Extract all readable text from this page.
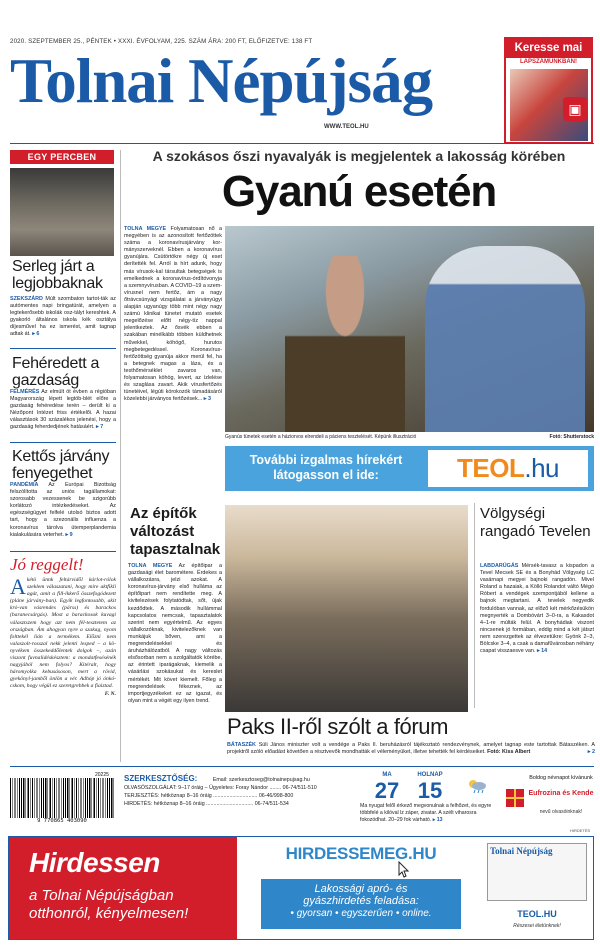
2020. SZEPTEMBER 25., PÉNTEK • XXXI. ÉVFOLYAM, 225. SZÁM ÁRA: 200 FT, ELŐFIZETVE: 138 FT
Tolnai Népújság
WWW.TEOL.HU
Keresse mai
LAPSZÁMUNKBAN!
▣
EGY PERCBEN
Serleg járt a legjobbaknak
SZEKSZÁRD Múlt szombaton tartot-ták az autómentes napi bringatúrát, amelyen a legtekerősebb iskolák osz-tályt kereshtek. A gyakorló általános iskola kék osztálya díjesművel ha ez ismerést, amit tagnap adtak át. ▸ 6
Fehéredett a gazdaság
FELMÉRÉS Az elmúlt öt évben a régióban Magyarország lépett legtöb-blét előre a gazdaság fehéredése terén – derült ki a Nézőpont Intézet friss értékelői. A hazai választások 30 százalékos jelenési, hogy a gazdaság feherdedjének hatásáért. ▸ 7
Kettős járvány fenyegethet
PANDÉMIA Az Európai Bizottság felszólította az uniós tagállamokat: szorosabb vezessenek be szigorúbb korlátozó intézkedéseket. Az egészségügyet felfelé utolsó biztos adott tart, hogy a szezonális influenza a koronavírus tárolva ütemperplandemia kialakulására veterhet. ▸ 9
Jó reggelt!
Akétö ünnk feltárvidől kárlot-rólok szeklem válaszatani, hogy mire aktfikli agát, amit a fill-ikkerő összefogódezett (pláne járvány-ban). Egyik legfontosabb, akit kró-van vásrendes (párss) és barackos (baranecsárgás). Most a barackosok kuvagi választszem hogy azt nem fél-tesztetem az országban. Ám ahogyan nyre a szakag, nyom folttekél lián a termékem. Előzni nem valaszolt-rosszal nekk jelenti lesped – a kö-nyvékem összekeddőlentek dolgok –, azán viszont fuvnalidéskésztem: a mondatfesésénék nagyjából nem folyos? Kitéralt, hogy háromyolka kebusásoson, mert a rövid, gyekönyl-jamből önlön a vér. Adhóp jó ónkó-cskom, hogy végül ez szeretgrebbek a fiaiztad.
F. N.
A szokásos őszi nyavalyák is megjelentek a lakosság körében
Gyanú esetén
TOLNA MEGYE Folyamatosan nő a megyében is az azonosított fertőzöttek száma a koronavírusjárvány kor-mányszerveknél. Ebben a koronavírus gyanújára. Csütörtökre négy új eset derítették fel. Arról is hírt adunk, hogy más vírusok-kal társultak betegségek is emelkednek a koronavírus-órdítóvonyja a szemnyvírusban. A COVID–19 a szem-vírusnel nem fertőz, ám a nagy őtrávcsúnyági vizsgálatai a járványügyi alapján ugyanúgy több mint négy nagy számú klinikai tünetet mutató esetek megelőzése előtt négy-tíz nappal jelentkeztek. Az ősvék ebben a szakában minélkább többen küldhetnek művekkel, köhögő, hurutos megbetegedéssel. Koronavírus-fertőzöttség gyanúja akkor merül fel, ha a betegnek magas a láza, és a testhőmérséklet zavaros van, folyamatosan köhög, levert, az ízlelése és szaglása zavart. Akik vírusfertőzés tünetéivel, légúti kórokozók támadásáról közelebbi járványos fertőzések... ▸ 3
Gyanús tünetek esetén a háziorvos elrendeli a páciens tesztelését. Képünk illusztráció	Fotó: Shutterstock
További izgalmas hírekért látogasson el ide:	TEOL.hu
Az építők változást tapasztalnak
TOLNA MEGYE Az építőipar a gazdasági élet barométere. Érdekes a vállalkozásra, jelzi azokat. A koronavírus-járvány első hulláma az építőipart nem rendítette meg. A kivitelezések folytatódtak, sőt, újak kezdődtek. A második hullámmal kapcsolatos nemcsak, tapasztalatok szerint nem egyértelmű. Az egyes vállalkozóknak, kivitelezőknek van munkájuk bőven, ami a megrendelésekkel és áruházhálózatból. A nagy változás elsősorban nem a szolgáltatók körébe, az érintett iparágaknak, kiemelik a vásárlási szokásukat és kereslet mértékét. Mit követ kiemelt. Főleg a megrendelések fékeznek, az importjegyzékeket ez az igazat, és olyan mint a végét egy ilyen trend.
Paks II-ről szólt a fórum
BÁTASZÉK Süli János miniszter volt a vendége a Paks II. beruházásról tájékoztató rendezvénynek, amelyet tagnap este tartottak Bátaszéken. A projektről szóló előadást követően a résztvevők mondhatták el véleményüket, illetve tehették fel kérdéseiket. Fotó: Kiss Albert	▸ 2
Völgységi rangadó Tevelen
LABDARÚGÁS Mérsék-tavasz a kispadon a Tevel Mecsek SE és a Bonyhád Völgység LC vasárnapi megyei bajnoki rangadón. Mivel Roland a hazaiak, a Kölló Rolandot váltó Mégó Róbert a vendégek szempontjából kellene a bajnok megtartani. A tevelek negyedik fordulóban vannak, az előző két mérkőzésükön megnyerték a Dombóvárt 3–0-ra, a Kakasdot 4–1-re múlták felül. A bonyhádiak viszont nincsenek jó formában, eddig mind a két játszt nem szerezgettek az élvezetükre: Gyönk 2–3, Bölcske 3–4, a csak a damafűvárosban néhány csapat visszaesve van. ▸ 14
20225
9 770865 403090
SZERKESZTŐSÉG:	Email: szerkesztoseg@tolnainepujsag.hu
OLVASÓSZOLGÁLAT: 9–17 óráig – Ügyeletes: Foray Nándor ........ 06-74/511-510
TERJESZTÉS: hétköznap 8–16 óráig .............................. 06-46/998-800
HIRDETÉS: hétköznap 8–16 óráig ................................ 06-74/511-534
MA
27
HOLNAP
15
Ma nyugat felől érkező megvonulnak a felhőzet, és egyre többfelé a kilóval lz záper, zivatar. A szélt viharosra fokozódhat. 20–29 fok várható. ▸ 13
Boldog névnapot kívánunk
Eufrozina és Kende
nevű olvasóinknak!
HIRDETÉS
Hirdessen
a Tolnai Népújságban
otthonról, kényelmesen!
HIRDESSEMEG.HU
Lakossági apró- és
gyászhirdetés feladása:
• gyorsan • egyszerűen • online.
Tolnai Népújság
TEOL.HU
Részesei életünknek!
